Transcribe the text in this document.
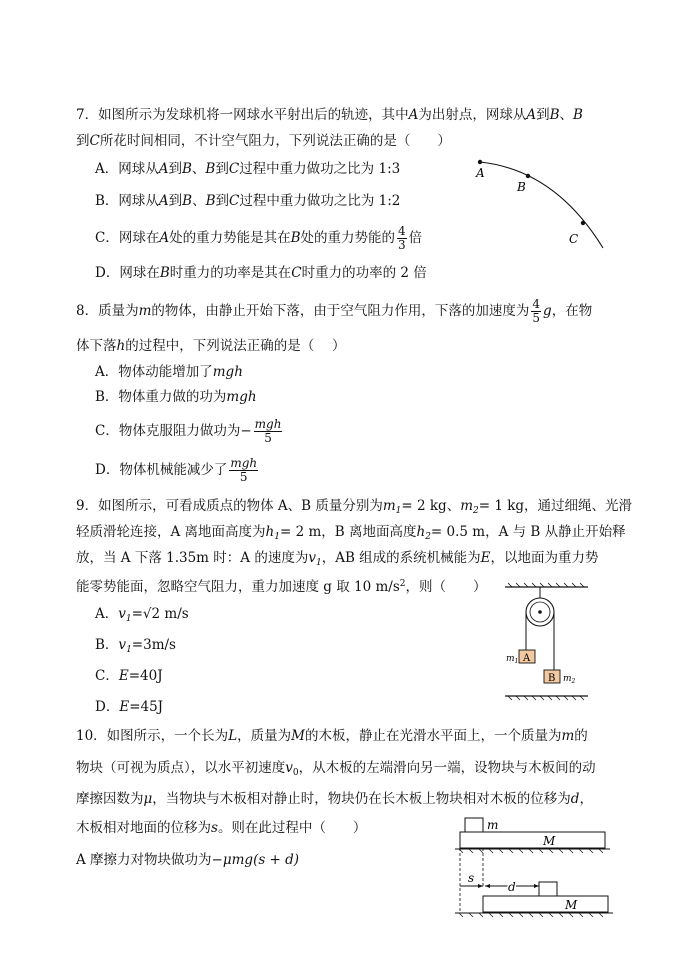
7．如图所示为发球机将一网球水平射出后的轨迹，其中A为出射点，网球从A到B、B
到C所花时间相同，不计空气阻力，下列说法正确的是（　　）
A．网球从A到B、B到C过程中重力做功之比为 1:3
B．网球从A到B、B到C过程中重力做功之比为 1:2
C．网球在A处的重力势能是其在B处的重力势能的 $\frac{4}{3}$ 倍
D．网球在B时重力的功率是其在C时重力的功率的 2 倍
A
B
C
8．质量为m的物体，由静止开始下落，由于空气阻力作用，下落的加速度为 $\frac{4}{5}$ g，在物
体下落h的过程中，下列说法正确的是（　 ）
A．物体动能增加了mgh
B．物体重力做的功为mgh
C．物体克服阻力做功为− $\frac{\text{mgh}}{5}$
D．物体机械能减少了 $\frac{\text{mgh}}{5}$
9．如图所示，可看成质点的物体 A、B 质量分别为$m_1= 2$ kg、$m_2= 1$ kg，通过细绳、光滑
轻质滑轮连接，A 离地面高度为$h_1= 2$ m，B 离地面高度$h_2= 0.5$ m，A 与 B 从静止开始释
放，当 A 下落 1.35m 时：A 的速度为$v_1$，AB 组成的系统机械能为E，以地面为重力势
能零势能面，忽略空气阻力，重力加速度 g 取 10 $m/s^2$，则（　　）
A．$v_1=√2$ m/s
B．$v_1=3m/s$
C．E=40J
D．E=45J
A
$m_1$
B $m_2$
10．如图所示，一个长为L，质量为M的木板，静止在光滑水平面上，一个质量为m的
物块（可视为质点），以水平初速度$v_0$，从木板的左端滑向另一端，设物块与木板间的动
摩擦因数为μ，当物块与木板相对静止时，物块仍在长木板上物块相对木板的位移为d，
木板相对地面的位移为s。则在此过程中（　　）
A 摩擦力对物块做功为−μmg(s + d)
m
M
s
d
M
